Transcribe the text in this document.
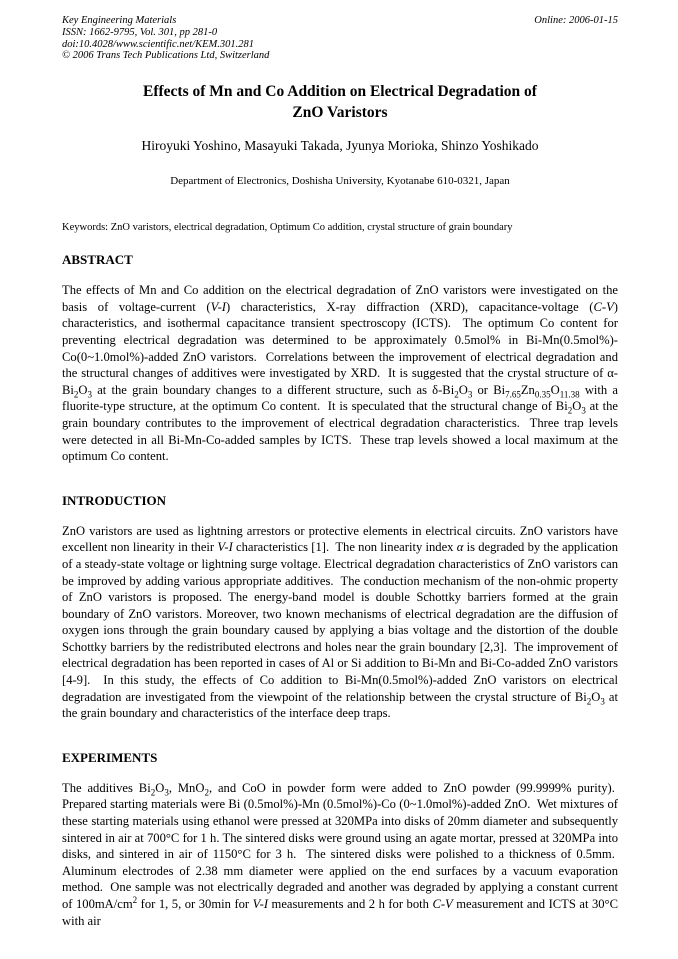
Key Engineering Materials
ISSN: 1662-9795, Vol. 301, pp 281-0
doi:10.4028/www.scientific.net/KEM.301.281
© 2006 Trans Tech Publications Ltd, Switzerland
Online: 2006-01-15
Effects of Mn and Co Addition on Electrical Degradation of
ZnO Varistors
Hiroyuki Yoshino, Masayuki Takada, Jyunya Morioka, Shinzo Yoshikado
Department of Electronics, Doshisha University, Kyotanabe 610-0321, Japan
Keywords: ZnO varistors, electrical degradation, Optimum Co addition, crystal structure of grain boundary
ABSTRACT

The effects of Mn and Co addition on the electrical degradation of ZnO varistors were investigated on the basis of voltage-current (V-I) characteristics, X-ray diffraction (XRD), capacitance-voltage (C-V) characteristics, and isothermal capacitance transient spectroscopy (ICTS).  The optimum Co content for preventing electrical degradation was determined to be approximately 0.5mol% in Bi-Mn(0.5mol%)-Co(0~1.0mol%)-added ZnO varistors.  Correlations between the improvement of electrical degradation and the structural changes of additives were investigated by XRD.  It is suggested that the crystal structure of $\alpha-Bi_2O_3$ at the grain boundary changes to a different structure, such as $\delta-Bi_2O_3$ or $Bi_{7.65}Zn_{0.35}O_{11.38}$ with a fluorite-type structure, at the optimum Co content.  It is speculated that the structural change of $Bi_2O_3$ at the grain boundary contributes to the improvement of electrical degradation characteristics.  Three trap levels were detected in all Bi-Mn-Co-added samples by ICTS.  These trap levels showed a local maximum at the optimum Co content.

INTRODUCTION

ZnO varistors are used as lightning arrestors or protective elements in electrical circuits. ZnO varistors have excellent non linearity in their V-I characteristics [1].  The non linearity index α is degraded by the application of a steady-state voltage or lightning surge voltage. Electrical degradation characteristics of ZnO varistors can be improved by adding various appropriate additives.  The conduction mechanism of the non-ohmic property of ZnO varistors is proposed. The energy-band model is double Schottky barriers formed at the grain boundary of ZnO varistors. Moreover, two known mechanisms of electrical degradation are the diffusion of oxygen ions through the grain boundary caused by applying a bias voltage and the distortion of the double Schottky barriers by the redistributed electrons and holes near the grain boundary [2,3].  The improvement of electrical degradation has been reported in cases of Al or Si addition to Bi-Mn and Bi-Co-added ZnO varistors [4-9].  In this study, the effects of Co addition to Bi-Mn(0.5mol%)-added ZnO varistors on electrical degradation are investigated from the viewpoint of the relationship between the crystal structure of $Bi_2O_3$ at the grain boundary and characteristics of the interface deep traps.

EXPERIMENTS

The additives $Bi_2O_3$, MnO$_2$, and CoO in powder form were added to ZnO powder (99.9999% purity).  Prepared starting materials were Bi (0.5mol%)-Mn (0.5mol%)-Co (0~1.0mol%)-added ZnO.  Wet mixtures of these starting materials using ethanol were pressed at 320MPa into disks of 20mm diameter and subsequently sintered in air at 700°C for 1 h. The sintered disks were ground using an agate mortar, pressed at 320MPa into disks, and sintered in air of 1150°C for 3 h.  The sintered disks were polished to a thickness of 0.5mm.  Aluminum electrodes of 2.38 mm diameter were applied on the end surfaces by a vacuum evaporation method.  One sample was not electrically degraded and another was degraded by applying a constant current of $100mA/cm^2$ for 1, 5, or 30min for V-I measurements and 2 h for both C-V measurement and ICTS at 30°C with air
